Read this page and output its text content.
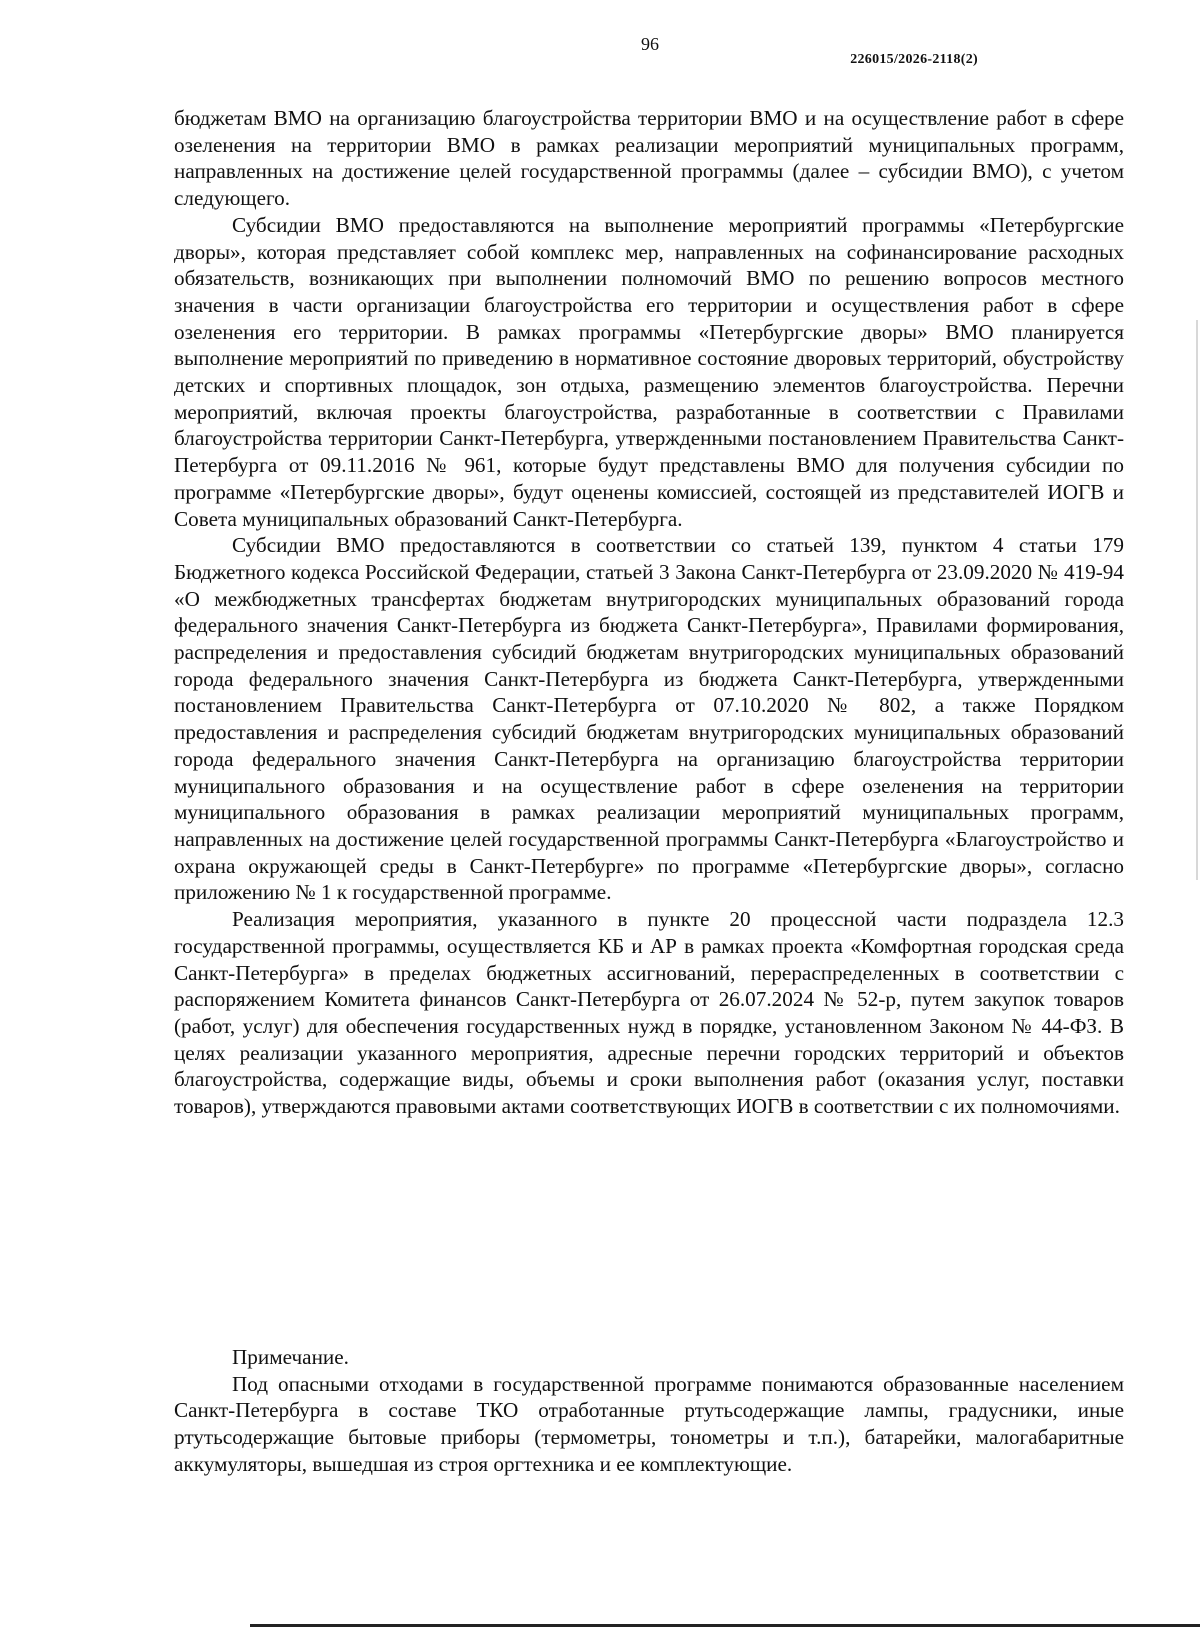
96
226015/2026-2118(2)

бюджетам ВМО на организацию благоустройства территории ВМО и на осуществление работ в сфере озеленения на территории ВМО в рамках реализации мероприятий муниципальных программ, направленных на достижение целей государственной программы (далее – субсидии ВМО), с учетом следующего.

Субсидии ВМО предоставляются на выполнение мероприятий программы «Петербургские дворы», которая представляет собой комплекс мер, направленных на софинансирование расходных обязательств, возникающих при выполнении полномочий ВМО по решению вопросов местного значения в части организации благоустройства его территории и осуществления работ в сфере озеленения его территории. В рамках программы «Петербургские дворы» ВМО планируется выполнение мероприятий по приведению в нормативное состояние дворовых территорий, обустройству детских и спортивных площадок, зон отдыха, размещению элементов благоустройства. Перечни мероприятий, включая проекты благоустройства, разработанные в соответствии с Правилами благоустройства территории Санкт-Петербурга, утвержденными постановлением Правительства Санкт-Петербурга от 09.11.2016 № 961, которые будут представлены ВМО для получения субсидии по программе «Петербургские дворы», будут оценены комиссией, состоящей из представителей ИОГВ и Совета муниципальных образований Санкт-Петербурга.

Субсидии ВМО предоставляются в соответствии со статьей 139, пунктом 4 статьи 179 Бюджетного кодекса Российской Федерации, статьей 3 Закона Санкт-Петербурга от 23.09.2020 № 419-94 «О межбюджетных трансфертах бюджетам внутригородских муниципальных образований города федерального значения Санкт-Петербурга из бюджета Санкт-Петербурга», Правилами формирования, распределения и предоставления субсидий бюджетам внутригородских муниципальных образований города федерального значения Санкт-Петербурга из бюджета Санкт-Петербурга, утвержденными постановлением Правительства Санкт-Петербурга от 07.10.2020 № 802, а также Порядком предоставления и распределения субсидий бюджетам внутригородских муниципальных образований города федерального значения Санкт-Петербурга на организацию благоустройства территории муниципального образования и на осуществление работ в сфере озеленения на территории муниципального образования в рамках реализации мероприятий муниципальных программ, направленных на достижение целей государственной программы Санкт-Петербурга «Благоустройство и охрана окружающей среды в Санкт-Петербурге» по программе «Петербургские дворы», согласно приложению № 1 к государственной программе.

Реализация мероприятия, указанного в пункте 20 процессной части подраздела 12.3 государственной программы, осуществляется КБ и АР в рамках проекта «Комфортная городская среда Санкт-Петербурга» в пределах бюджетных ассигнований, перераспределенных в соответствии с распоряжением Комитета финансов Санкт-Петербурга от 26.07.2024 № 52-р, путем закупок товаров (работ, услуг) для обеспечения государственных нужд в порядке, установленном Законом № 44-ФЗ. В целях реализации указанного мероприятия, адресные перечни городских территорий и объектов благоустройства, содержащие виды, объемы и сроки выполнения работ (оказания услуг, поставки товаров), утверждаются правовыми актами соответствующих ИОГВ в соответствии с их полномочиями.

Примечание.

Под опасными отходами в государственной программе понимаются образованные населением Санкт-Петербурга в составе ТКО отработанные ртутьсодержащие лампы, градусники, иные ртутьсодержащие бытовые приборы (термометры, тонометры и т.п.), батарейки, малогабаритные аккумуляторы, вышедшая из строя оргтехника и ее комплектующие.
